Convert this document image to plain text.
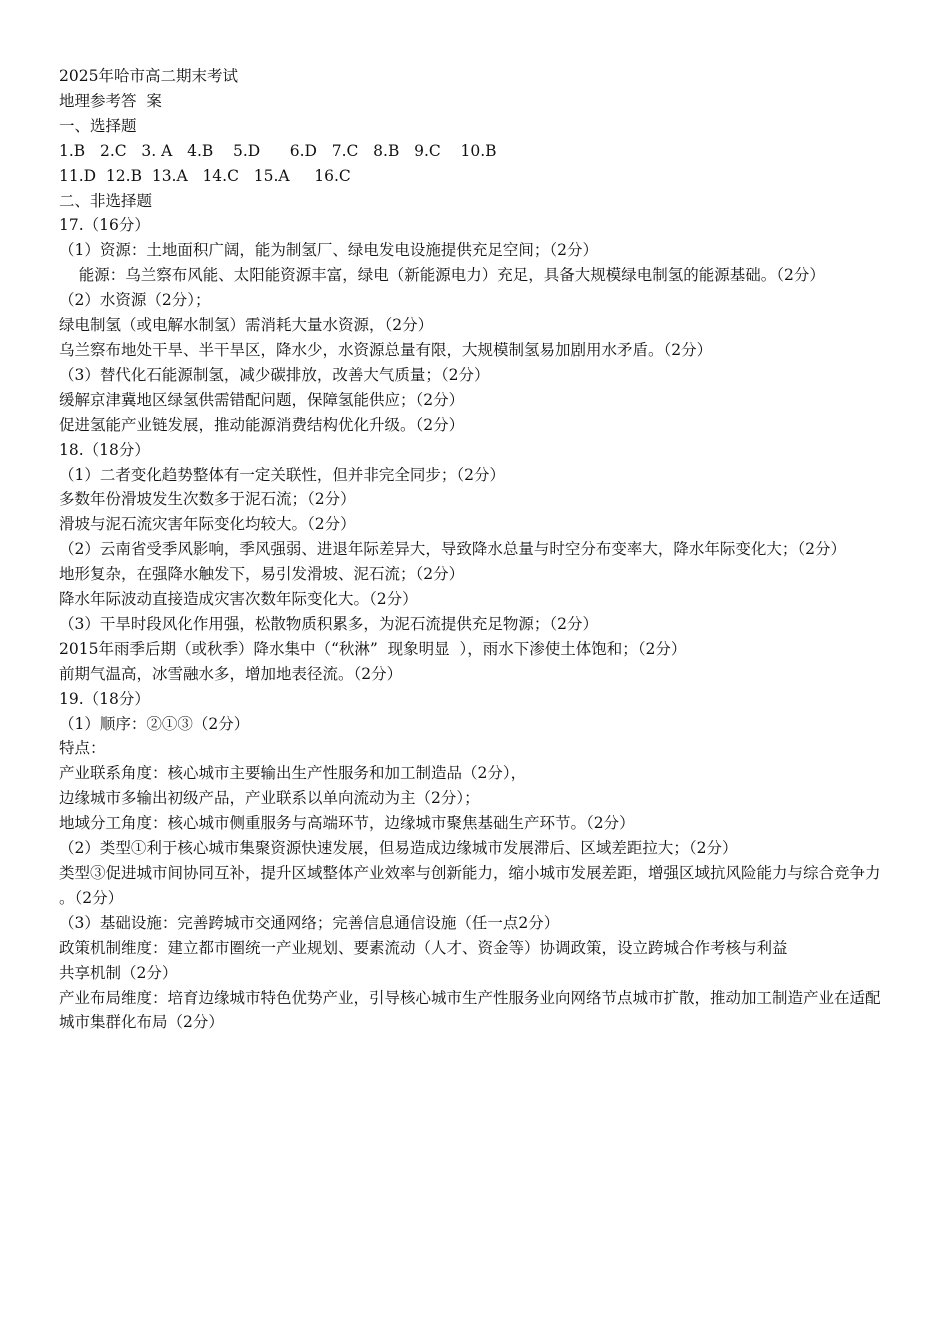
2025年哈市高二期末考试

地理参考答  案

一、选择题

1.B   2.C   3. A   4.B    5.D      6.D   7.C   8.B   9.C    10.B

11.D  12.B  13.A   14.C   15.A     16.C

二、非选择题

17.（16分）

（1）资源：土地面积广阔，能为制氢厂、绿电发电设施提供充足空间；（2分）

能源：乌兰察布风能、太阳能资源丰富，绿电（新能源电力）充足，具备大规模绿电制氢的能源基础。（2分）

（2）水资源（2分）；

绿电制氢（或电解水制氢）需消耗大量水资源，（2分）

乌兰察布地处干旱、半干旱区，降水少，水资源总量有限，大规模制氢易加剧用水矛盾。（2分）

（3）替代化石能源制氢，减少碳排放，改善大气质量；（2分）

缓解京津冀地区绿氢供需错配问题，保障氢能供应；（2分）

促进氢能产业链发展，推动能源消费结构优化升级。（2分）

18.（18分）

（1）二者变化趋势整体有一定关联性，但并非完全同步；（2分）

多数年份滑坡发生次数多于泥石流；（2分）

滑坡与泥石流灾害年际变化均较大。（2分）

（2）云南省受季风影响，季风强弱、进退年际差异大，导致降水总量与时空分布变率大，降水年际变化大；（2分）

地形复杂，在强降水触发下，易引发滑坡、泥石流；（2分）

降水年际波动直接造成灾害次数年际变化大。（2分）

（3）干旱时段风化作用强，松散物质积累多，为泥石流提供充足物源；（2分）

2015年雨季后期（或秋季）降水集中（“秋淋”  现象明显  ），雨水下渗使土体饱和；（2分）

前期气温高，冰雪融水多，增加地表径流。（2分）

19.（18分）

（1）顺序：②①③（2分）

特点：

产业联系角度：核心城市主要输出生产性服务和加工制造品（2分），

边缘城市多输出初级产品，产业联系以单向流动为主（2分）；

地域分工角度：核心城市侧重服务与高端环节，边缘城市聚焦基础生产环节。（2分）

（2）类型①利于核心城市集聚资源快速发展，但易造成边缘城市发展滞后、区域差距拉大；（2分）

类型③促进城市间协同互补，提升区域整体产业效率与创新能力，缩小城市发展差距，增强区域抗风险能力与综合竞争力  。（2分）

（3）基础设施：完善跨城市交通网络；完善信息通信设施（任一点2分）

政策机制维度：建立都市圈统一产业规划、要素流动（人才、资金等）协调政策，设立跨城合作考核与利益

共享机制（2分）

产业布局维度：培育边缘城市特色优势产业，引导核心城市生产性服务业向网络节点城市扩散，推动加工制造产业在适配城市集群化布局（2分）
